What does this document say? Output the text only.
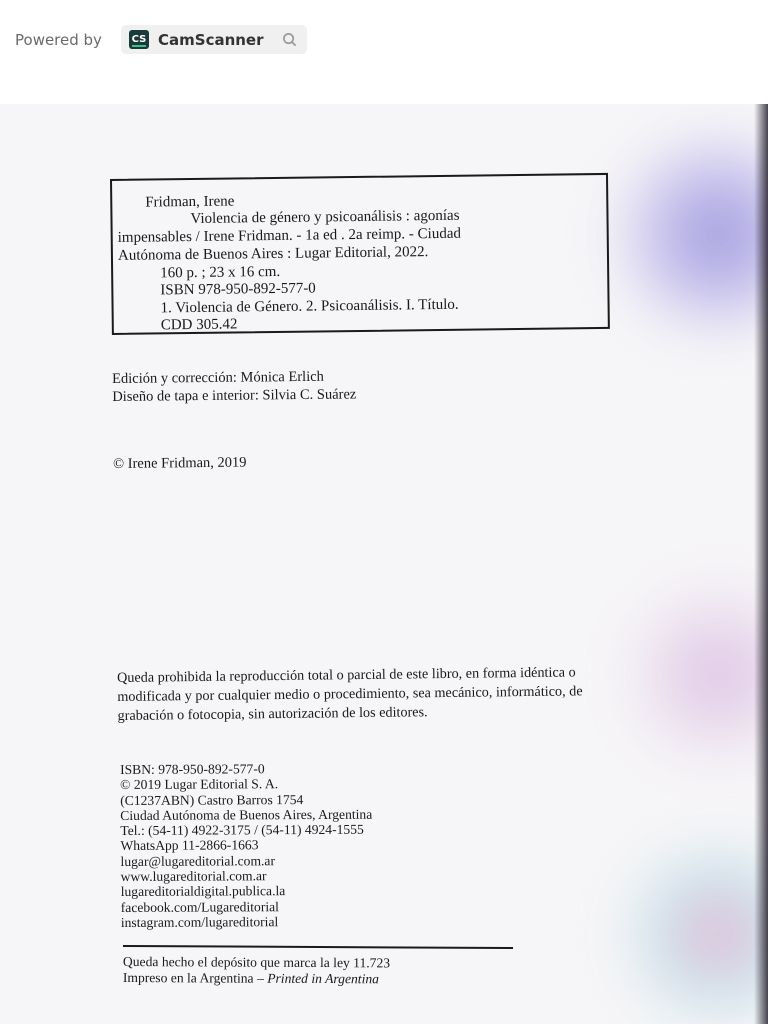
Powered by	CS CamScanner
Fridman, Irene
Violencia de género y psicoanálisis : agonías
impensables / Irene Fridman. - 1a ed . 2a reimp. - Ciudad
Autónoma de Buenos Aires : Lugar Editorial, 2022.
160 p. ; 23 x 16 cm.
ISBN 978-950-892-577-0
1. Violencia de Género. 2. Psicoanálisis. I. Título.
CDD 305.42
Edición y corrección: Mónica Erlich
Diseño de tapa e interior: Silvia C. Suárez
© Irene Fridman, 2019
Queda prohibida la reproducción total o parcial de este libro, en forma idéntica o
modificada y por cualquier medio o procedimiento, sea mecánico, informático, de
grabación o fotocopia, sin autorización de los editores.
ISBN: 978-950-892-577-0
© 2019 Lugar Editorial S. A.
(C1237ABN) Castro Barros 1754
Ciudad Autónoma de Buenos Aires, Argentina
Tel.: (54-11) 4922-3175 / (54-11) 4924-1555
WhatsApp 11-2866-1663
lugar@lugareditorial.com.ar
www.lugareditorial.com.ar
lugareditorialdigital.publica.la
facebook.com/Lugareditorial
instagram.com/lugareditorial
Queda hecho el depósito que marca la ley 11.723
Impreso en la Argentina – Printed in Argentina
